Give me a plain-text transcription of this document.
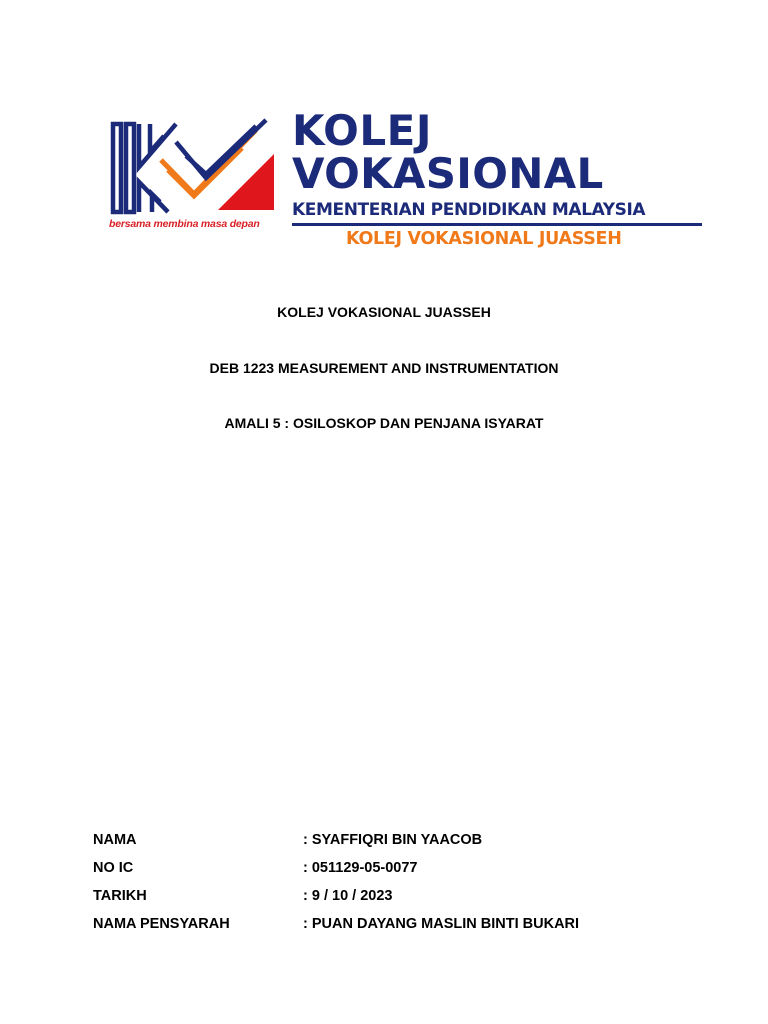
bersama membina masa depan
KOLEJ
VOKASIONAL
KEMENTERIAN PENDIDIKAN MALAYSIA
KOLEJ VOKASIONAL JUASSEH
KOLEJ VOKASIONAL JUASSEH
DEB 1223 MEASUREMENT AND INSTRUMENTATION
AMALI 5 : OSILOSKOP DAN PENJANA ISYARAT
NAMA	: SYAFFIQRI BIN YAACOB
NO IC	: 051129-05-0077
TARIKH	: 9 / 10 / 2023
NAMA PENSYARAH	: PUAN DAYANG MASLIN BINTI BUKARI
